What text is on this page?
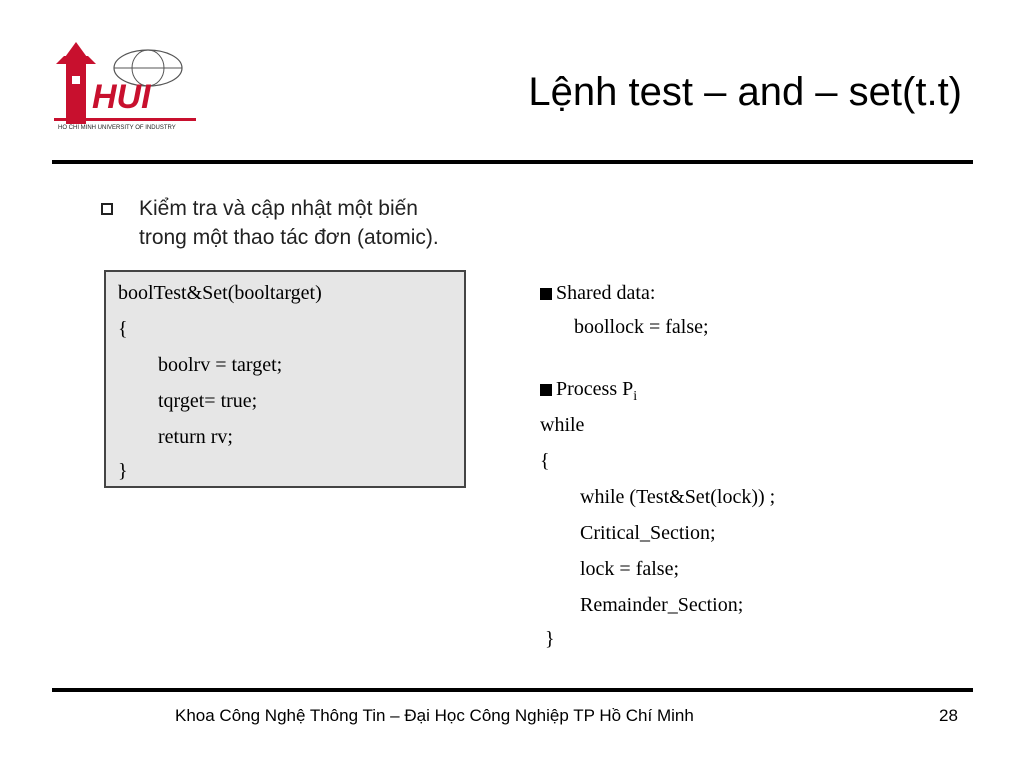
HUI
HO CHI MINH UNIVERSITY OF INDUSTRY
Lệnh test – and – set(t.t)
Kiểm tra và cập nhật một biến
trong một thao tác đơn (atomic).
boolTest&Set(booltarget)
{
boolrv = target;
tqrget= true;
return rv;
}
Shared data:
boollock = false;
Process $P_i$
while
{
while (Test&Set(lock)) ;
Critical_Section;
lock = false;
Remainder_Section;
}
Khoa Công Nghệ Thông Tin – Đại Học Công Nghiệp TP Hồ Chí Minh	28
